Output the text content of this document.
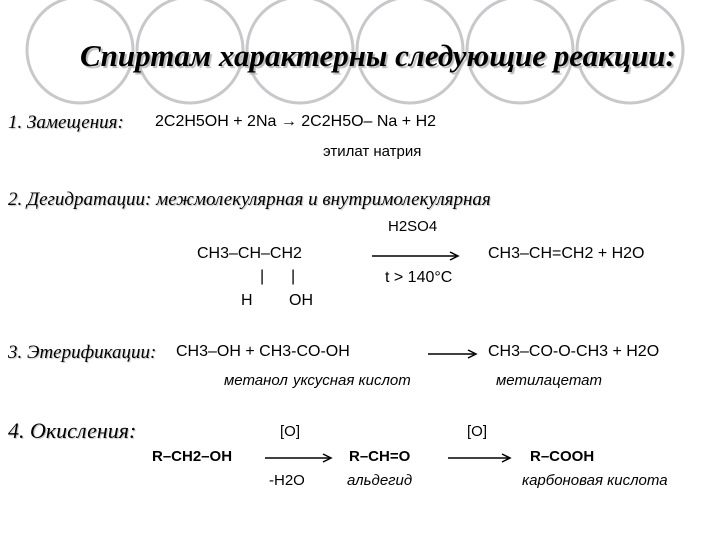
Спиртам характерны следующие реакции:
1. Замещения: 2C2H5OH + 2Na → 2C2H5O– Na + H2
этилат натрия
2. Дегидратации: межмолекулярная и внутримолекулярная
H2SO4
CH3–CH–CH2
| |
H OH
t > 140°C
CH3–CH=CH2 + H2O
3. Этерификации: CH3–OH + CH3-CO-OH	CH3–CO-O-CH3 + H2O
метанол уксусная кислот	метилацетат
4. Окисления:	[O]	[O]
R–CH2–OH	R–CH=O	R–COOH
-H2O	альдегид	карбоновая кислота
